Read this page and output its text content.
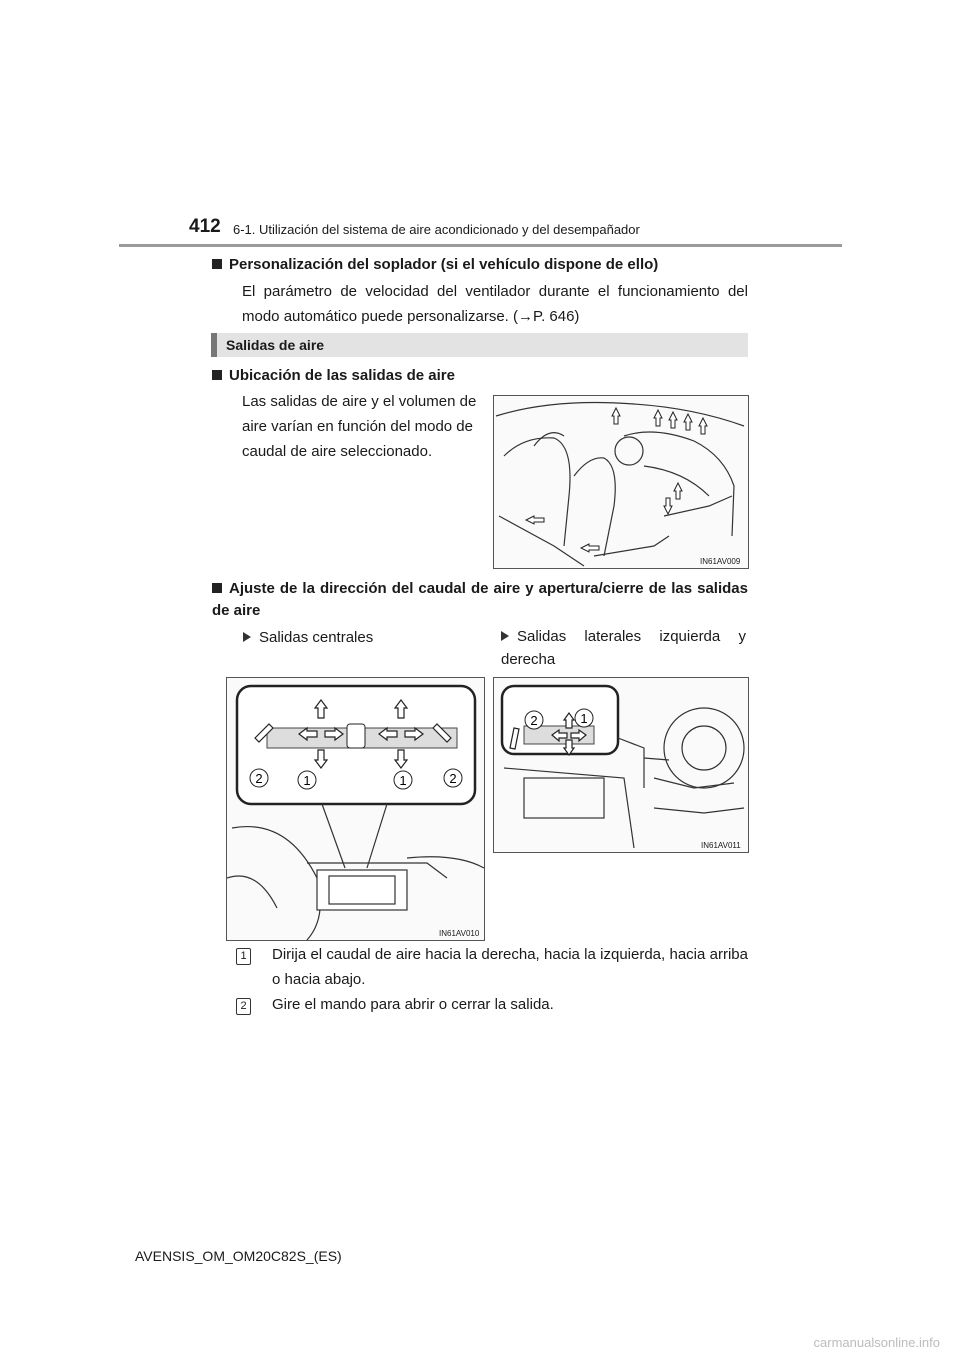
412 6-1. Utilización del sistema de aire acondicionado y del desempañador
Personalización del soplador (si el vehículo dispone de ello)
El parámetro de velocidad del ventilador durante el funcionamiento del modo automático puede personalizarse. (→P. 646)
Salidas de aire
Ubicación de las salidas de aire
Las salidas de aire y el volumen de aire varían en función del modo de caudal de aire seleccionado.
IN61AV009
Ajuste de la dirección del caudal de aire y apertura/cierre de las salidas de aire
Salidas centrales	Salidas laterales izquierda y derecha
2	1	1	2
IN61AV010
2	1
IN61AV011
1 Dirija el caudal de aire hacia la derecha, hacia la izquierda, hacia arriba o hacia abajo.
2 Gire el mando para abrir o cerrar la salida.
AVENSIS_OM_OM20C82S_(ES)
carmanualsonline.info
